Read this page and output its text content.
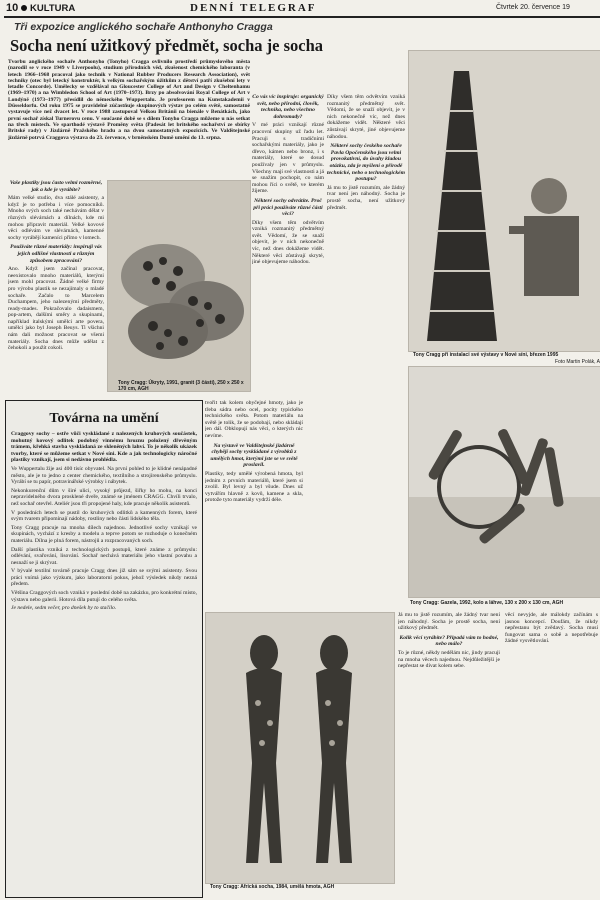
10 KULTURA	DENNÍ TELEGRAF	Čtvrtek 20. července 19
Tři expozice anglického sochaře Anthonyho Cragga
Socha není užitkový předmět, socha je socha
Tvorbu anglického sochaře Anthonyho (Tonyho) Cragga ovlivnilo prostředí průmyslového města (narodil se v roce 1949 v Liverpoolu), studium přírodních věd, zkušenost chemického laboranta (v letech 1966–1968 pracoval jako technik v National Rubber Producers Research Association), svět techniky (otec byl letecký konstruktér, k velkým sochařským úžitkům z dětství patří zkušební lety v letadle Concorde). Umělecky se vzdělával na Gloucester College of Art and Design v Cheltenhamu (1969–1970) a na Wimbledon School of Art (1970–1973). Brzy po absolvování Royal College of Art v Londýně (1973–1977) přesídlil do německého Wuppertalu. Je profesorem na Kunstakademii v Düsseldorfu. Od roku 1975 se pravidelně zúčastňuje skupinových výstav po celém světě, samostatně vystavuje více než dvacet let. V roce 1988 zastupoval Velkou Británii na bienále v Benátkách, jako první sochař získal Turnerovu cenu. V současné době se s dílem Tonyho Cragga můžeme u nás setkat na třech místech. Ve sparthodé výstavě Proměny světa (Padesát let britského sochařství ze sbírky Britské rady) v Jízdárně Pražského hradu a na dvou samostatných expozicích. Ve Valdštejnské jízdárně potrvá Craggova výstava do 23. července, v brněnském Domě umění do 13. srpna.
Vaše plastiky jsou často velmi rozměrné, jak a kde je vyrábíte?
Mám velké studio, dva stálé asistenty, a když je to potřeba i více pomocníků. Mnoho svých soch také nechávám dělat v různých slévárnách a dílnách, kde mi mohou připravit materiál. Velké kovové věci odlévám ve slévárnách, kamenné sochy vyrábějí kameníci přímo v lomech.
Používáte různé materiály: inspiruji vás jejich odlišné vlastnosti a různým způsobem zpracování?
Ano. Když jsem začínal pracovat, neexistovalo mnoho materiálů, kterými jsem mohl pracovat. Žádné velké firmy pro výrobu plastik se nezajímaly o mladé sochaře. Začalo to Marcelem Duchampem, jeho nalezenými předměty, ready-mades. Pokračovalo dadaismem, pop-artem, dalšími směry a skupinami, například italskými umělci arte povera, umělci jako byl Joseph Beuys. Ti všichni nám dali možnost pracovat se všemi materiály. Socha dnes může udělat z čehokoli a použít cokoli.
Tony Cragg: Úkryty, 1991, granit (3 části), 250 x 250 x 170 cm, AGH
Co vás víc inspiruje: organický svět, nebo přírodní, člověk, technika, nebo všechno dohromady?
V mé práci vznikají různé pracovní skupiny už řadu let. Pracuji s tradičními sochařskými materiály, jako je dřevo, kámen nebo bronz, i s materiály, které se dosud používaly jen v průmyslu. Všechny mají své vlastnosti a já se snažím pochopit, co nám mohou říci o světě, ve kterém žijeme.
Některé sochy odvrátíte. Proč při práci používáte různé části věcí?
Díky všem těm odvětvím vzniká rozmanitý předmětný svět. Vědomí, že se snaží objevit, je v nich nekonečně víc, než dnes dokážeme vidět. Některé věci zůstávají skryté, jiné objevujeme náhodou.
Díky všem těm odvětvím vzniká rozmanitý předmětný svět. Vědomí, že se snaží objevit, je v nich nekonečně víc, než dnes dokážeme vidět. Některé věci zůstávají skryté, jiné objevujeme náhodou.
Některé sochy českého sochaře Pavla Opočenského jsou velmi provokativní, do úvahy kladou otázku, zda je myšlení o přírodě technické, nebo o technologickém postupu?
Já mu to jistě rozumím, ale žádný tvar není jen náhodný. Socha je prostě socha, není užitkový předmět.
Tony Cragg při instalaci své výstavy v Nové síni, březen 1995
Foto Martin Polák, A
Tony Cragg: Gazela, 1992, kolo a láhve, 130 x 200 x 130 cm, AGH
Továrna na umění
Craggovy sochy – ostře vůči vyskládané z nalezených kruhových součástek, mohutný kovový odlitek podobný vinnému hroznu položený dřevěným trámem, křehká stavba vyskládaná ze skleněných lahví. To je několik ukázek tvorby, které se můžeme setkat v Nové síni. Kde a jak technologicky náročné plastiky vznikají, jsem si nedávno prohlédla.
Ve Wuppertalu žije asi 400 tisíc obyvatel. Na první pohled to je klidné nenápadné město, ale je to jedno z center chemického, textilního a strojírenského průmyslu. Vyrábí se tu papír, potravinářské výrobky i nábytek.
Nekonkurenční dům v širé ulici, vysoký průjezd, šiřky ho mohu, na konci nepravidelného dvora prosklené dveře, známé se jménem CRAGG. Chvíli trvalo, než sochař otevřel. Ateliér jsou tři propojené haly, kde pracuje několik asistentů.
V posledních letech se pustil do kruhových odlitků a kamenných forem, které svým tvarem připomínají nádoby, rostliny nebo části lidského těla.
Tony Cragg pracuje na mnoha dílech najednou. Jednotlivé sochy vznikají ve skupinách, vychází z kresby a modelu a teprve potom se rozhoduje o konečném materiálu. Dílna je plná forem, nástrojů a rozpracovaných soch.
Další plastika vzniká z technologických postupů, které známe z průmyslu: odlévání, svařování, lisování. Sochař nechává materiálu jeho vlastní povahu a nesnaží se ji skrývat.
V bývalé textilní továrně pracuje Cragg dnes již sám se svými asistenty. Svou práci vnímá jako výzkum, jako laboratorní pokus, jehož výsledek nikdy nezná předem.
Většina Craggových soch vzniká v poslední době na zakázku, pro konkrétní místo, výstavu nebo galerii. Hotová díla putují do celého světa.
Je nedele, sedm večer, pro dnešek by to stačilo.
tvořit tak kolem obyčejné hmoty, jako je třeba sádra nebo ocel, pocity typického technického světa. Potom materiálu na světě je tolik, že se podobají, nebo skládají jen dál. Obklopují nás věci, o kterých nic nevíme.
Na výstavě ve Valdštejnské jízdárně chybějí sochy vyskládané z výrobků z umělých hmot, kterými jste se ve světě proslavil.
Plastiky, tedy umělé výrobená hmota, byl jedním z prvních materiálů, které jsem si zvolil. Byl levný a byl všude. Dnes už vytvářím hlavně z kovů, kamene a skla, protože tyto materiály vydrží déle.
Tony Cragg: Africká socha, 1984, umělá hmota, AGH
Já mu to jistě rozumím, ale žádný tvar není jen náhodný. Socha je prostě socha, není užitkový předmět.
Kolik věcí vyrábíte? Připadá vám to hodné, nebo málo?
To je různé, někdy nedělám nic, jindy pracuji na mnoha věcech najednou. Nejdůležitější je nepřestat se dívat kolem sebe.
věcí nevyjde, ale málokdy začínám s jasnou koncepcí. Doufám, že nikdy nepřestanu být zvědavý. Socha musí fungovat sama o sobě a nepotřebuje žádné vysvětlování.
